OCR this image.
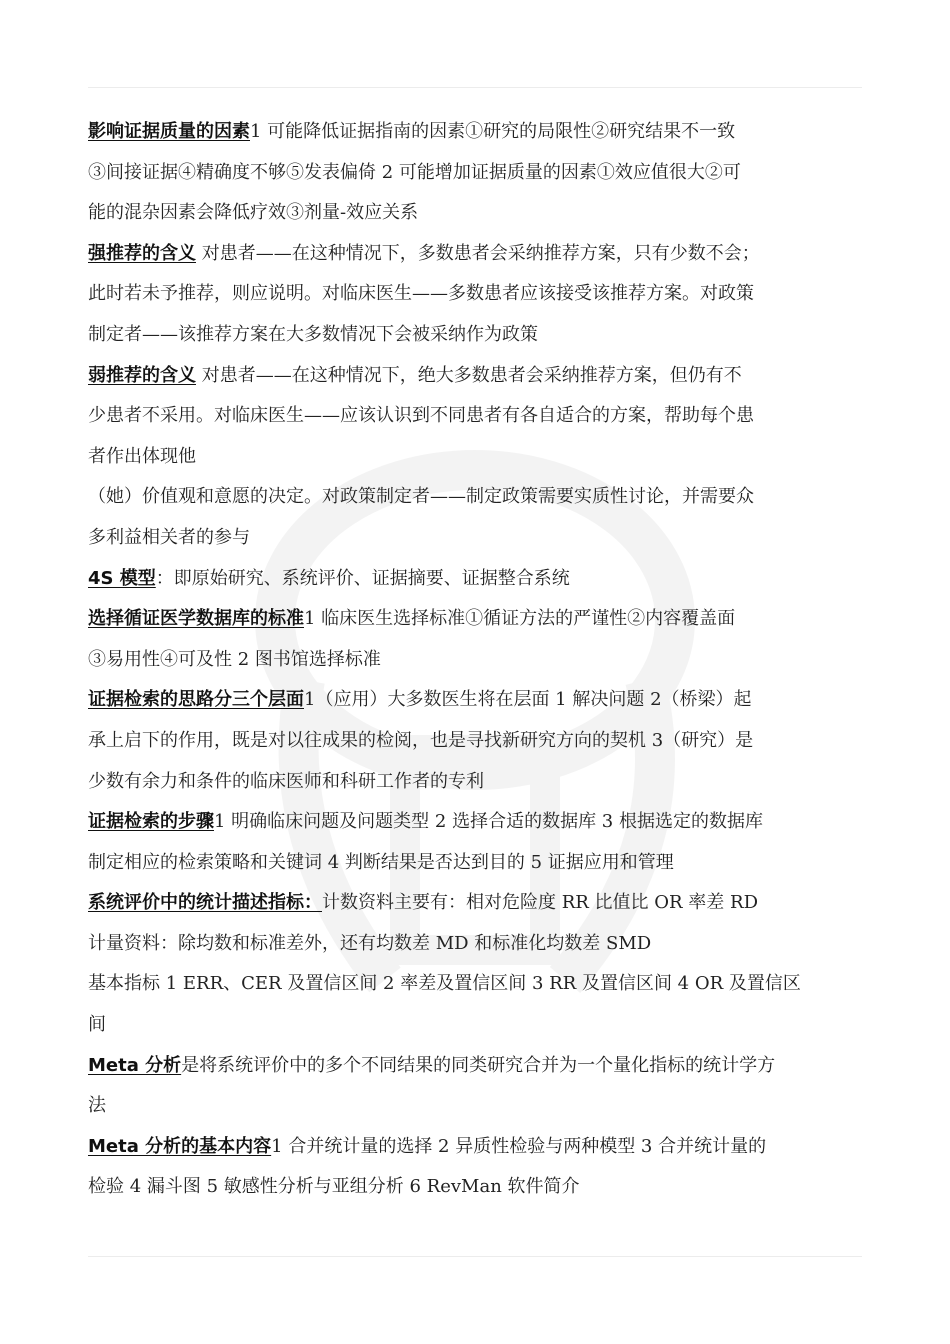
影响证据质量的因素1 可能降低证据指南的因素①研究的局限性②研究结果不一致
③间接证据④精确度不够⑤发表偏倚 2 可能增加证据质量的因素①效应值很大②可
能的混杂因素会降低疗效③剂量-效应关系
强推荐的含义 对患者——在这种情况下，多数患者会采纳推荐方案，只有少数不会；
此时若未予推荐，则应说明。对临床医生——多数患者应该接受该推荐方案。对政策
制定者——该推荐方案在大多数情况下会被采纳作为政策
弱推荐的含义 对患者——在这种情况下，绝大多数患者会采纳推荐方案，但仍有不
少患者不采用。对临床医生——应该认识到不同患者有各自适合的方案，帮助每个患
者作出体现他
（她）价值观和意愿的决定。对政策制定者——制定政策需要实质性讨论，并需要众
多利益相关者的参与
4S 模型：即原始研究、系统评价、证据摘要、证据整合系统
选择循证医学数据库的标准1 临床医生选择标准①循证方法的严谨性②内容覆盖面
③易用性④可及性 2 图书馆选择标准
证据检索的思路分三个层面1（应用）大多数医生将在层面 1 解决问题 2（桥梁）起
承上启下的作用，既是对以往成果的检阅，也是寻找新研究方向的契机 3（研究）是
少数有余力和条件的临床医师和科研工作者的专利
证据检索的步骤1 明确临床问题及问题类型 2 选择合适的数据库 3 根据选定的数据库
制定相应的检索策略和关键词 4 判断结果是否达到目的 5 证据应用和管理
系统评价中的统计描述指标：计数资料主要有：相对危险度 RR 比值比 OR 率差 RD
计量资料：除均数和标准差外，还有均数差 MD 和标准化均数差 SMD
基本指标 1 ERR、CER 及置信区间 2 率差及置信区间 3 RR 及置信区间 4 OR 及置信区
间
Meta 分析是将系统评价中的多个不同结果的同类研究合并为一个量化指标的统计学方
法
Meta 分析的基本内容1 合并统计量的选择 2 异质性检验与两种模型 3 合并统计量的
检验 4 漏斗图 5 敏感性分析与亚组分析 6 RevMan 软件简介
